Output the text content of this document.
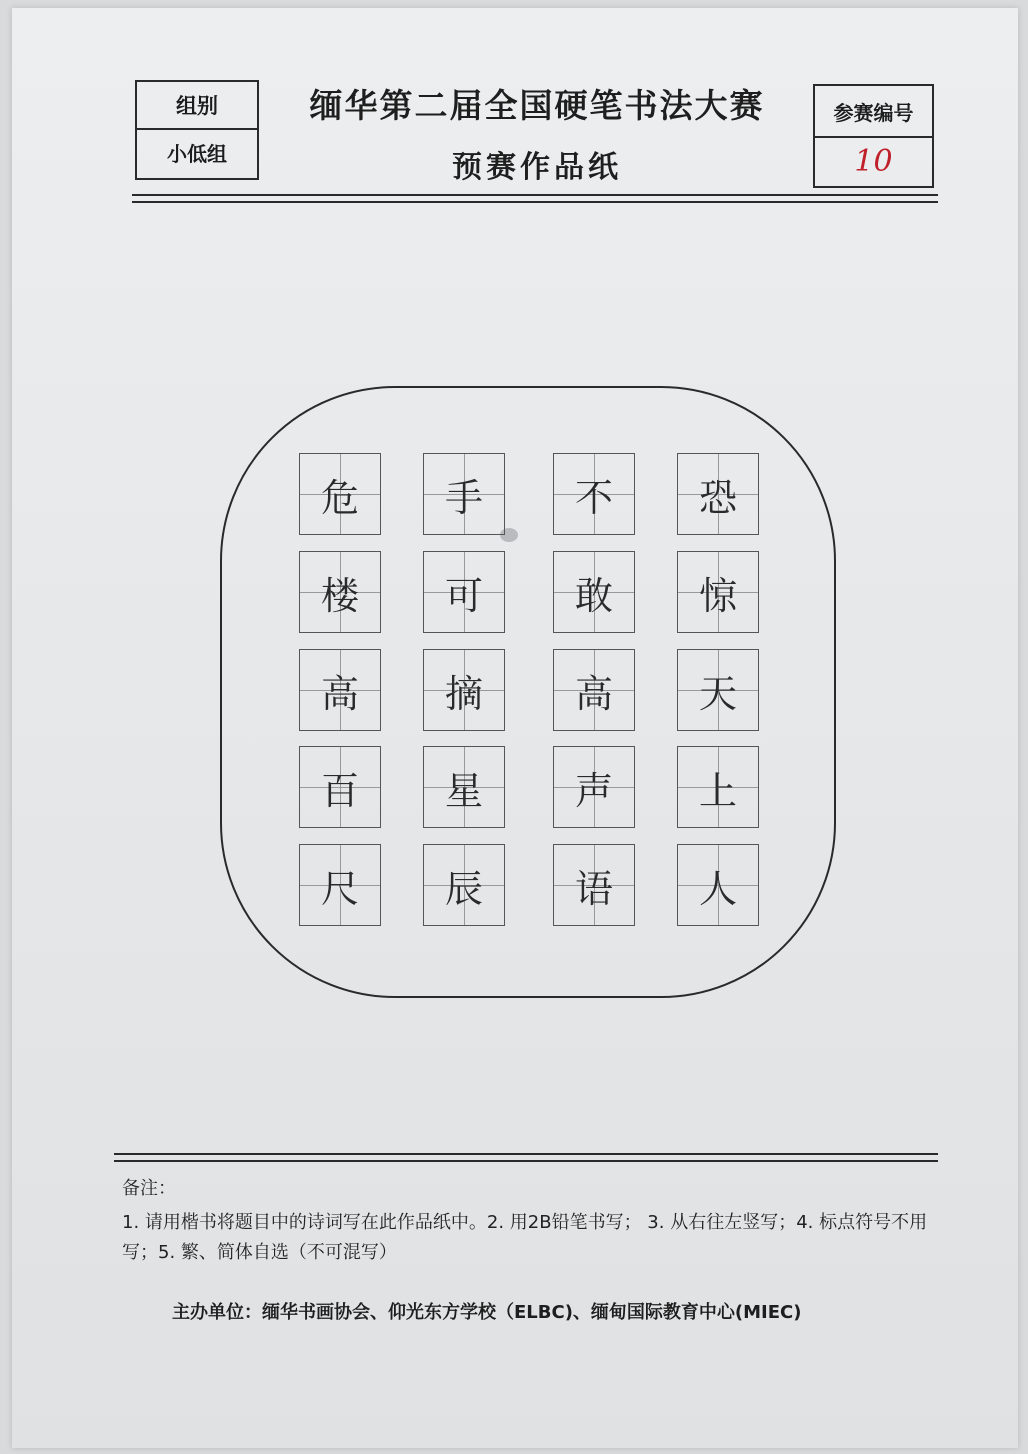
组别
小低组
缅华第二届全国硬笔书法大赛
预赛作品纸
参赛编号
10
危
楼
高
百
尺
手
可
摘
星
辰
不
敢
高
声
语
恐
惊
天
上
人
备注：
1. 请用楷书将题目中的诗词写在此作品纸中。2. 用2B铅笔书写； 3. 从右往左竖写；4. 标点符号不用写；5. 繁、简体自选（不可混写）
主办单位：缅华书画协会、仰光东方学校（ELBC)、缅甸国际教育中心(MIEC)
